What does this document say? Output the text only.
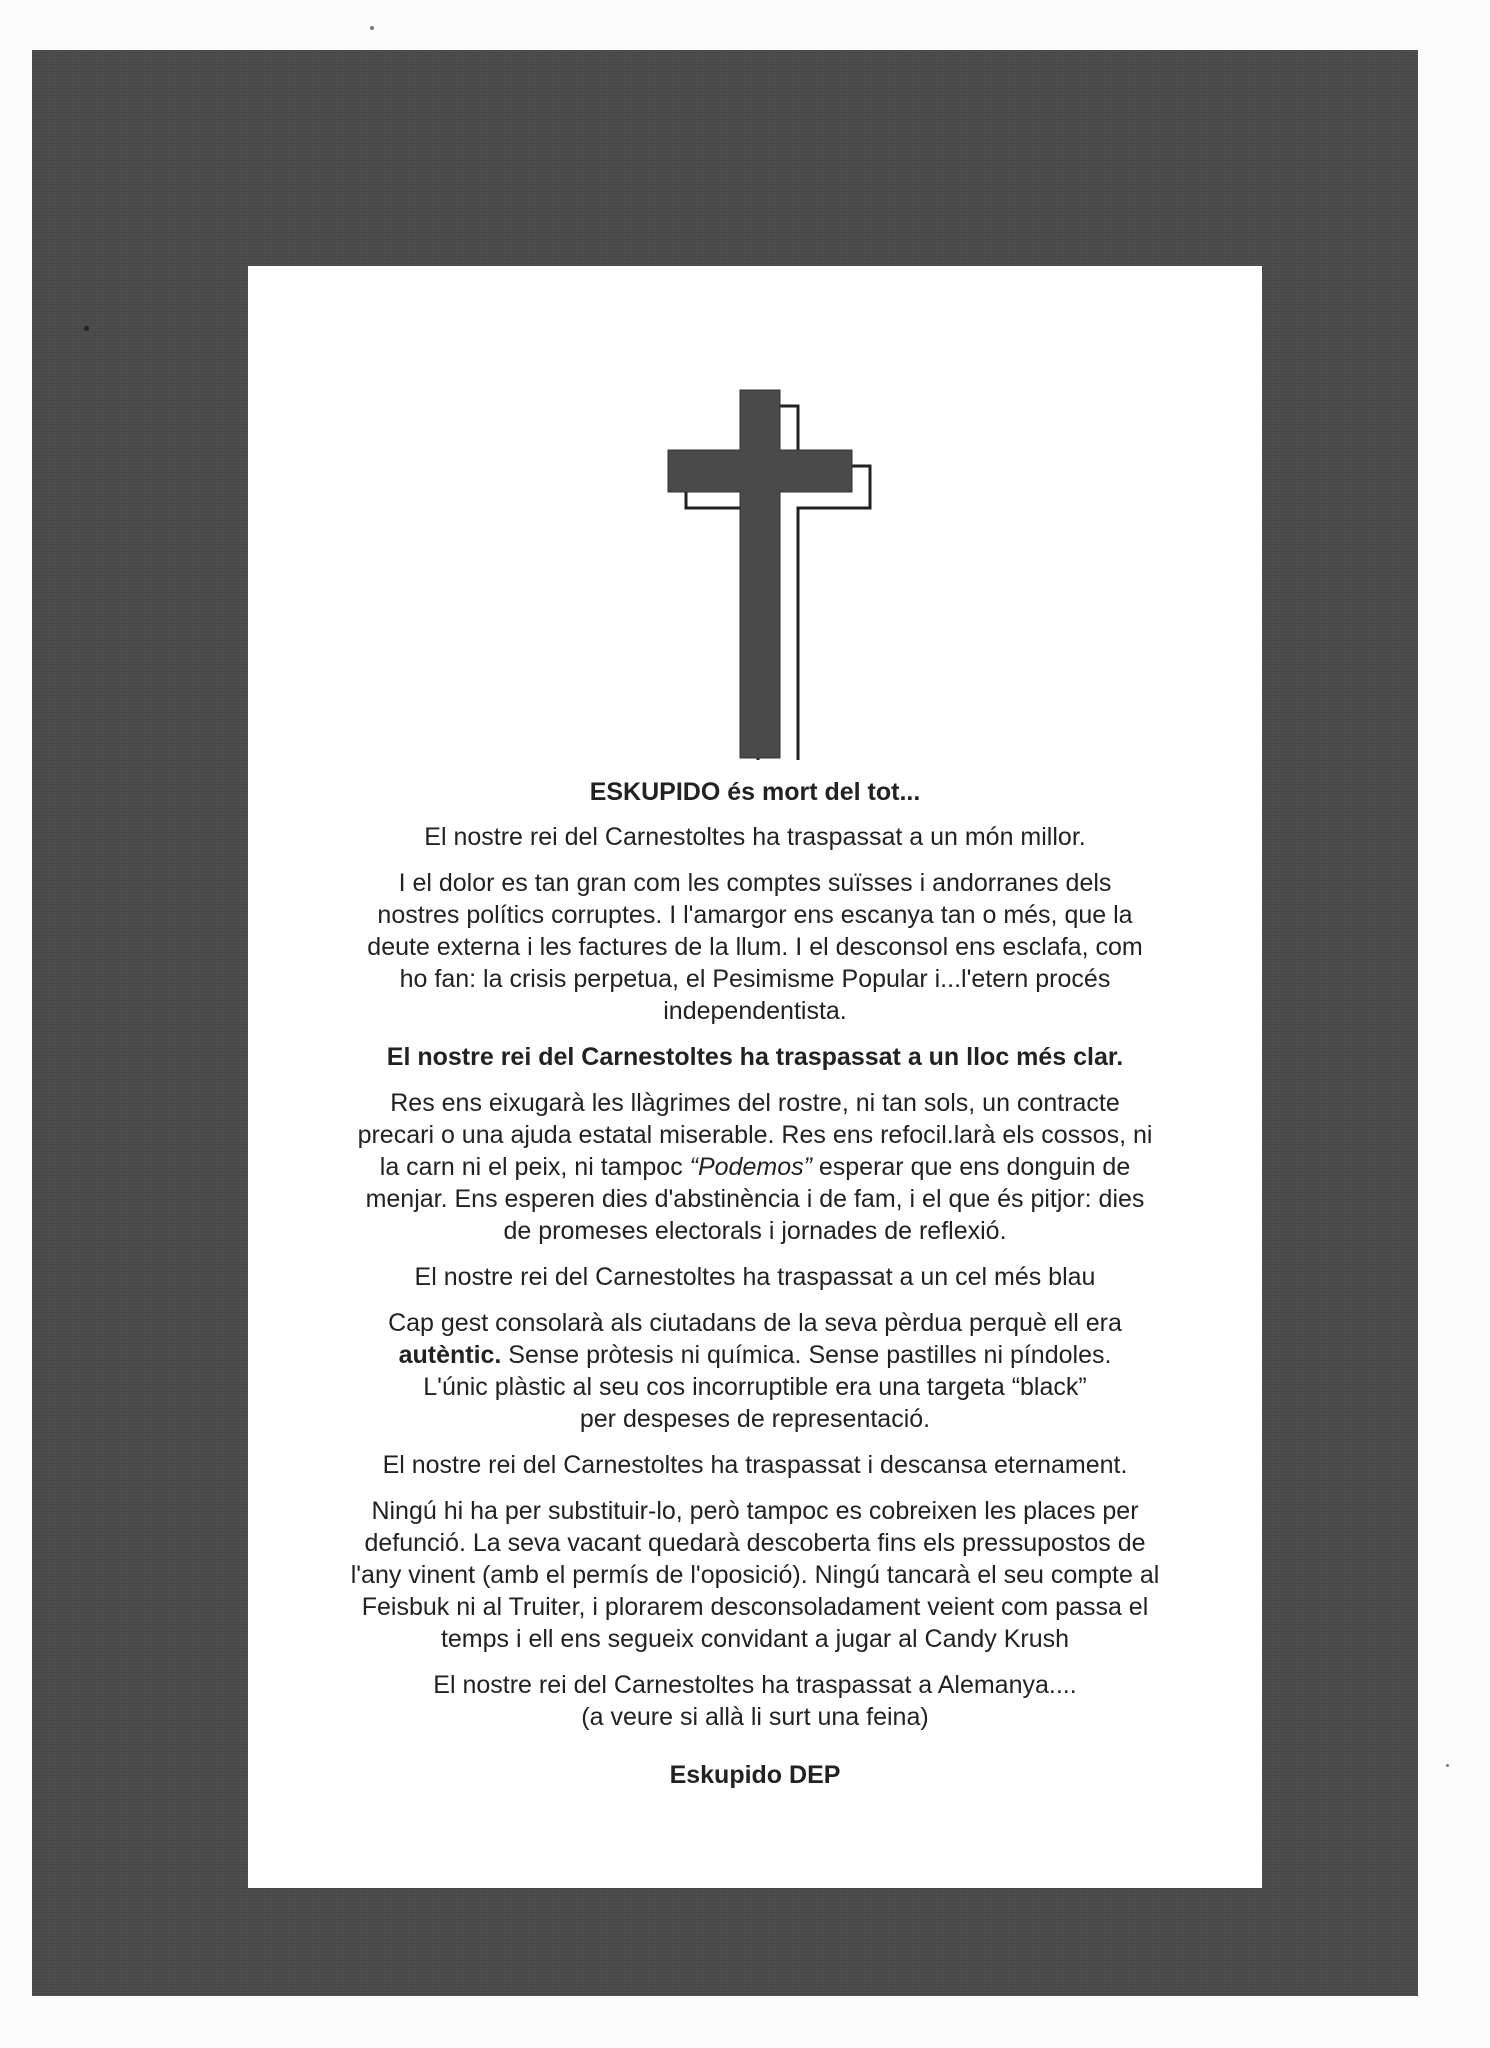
ESKUPIDO és mort del tot...

El nostre rei del Carnestoltes ha traspassat a un món millor.

I el dolor es tan gran com les comptes suïsses i andorranes dels
nostres polítics corruptes. I l'amargor ens escanya tan o més, que la
deute externa i les factures de la llum. I el desconsol ens esclafa, com
ho fan: la crisis perpetua, el Pesimisme Popular i...l'etern procés
independentista.

El nostre rei del Carnestoltes ha traspassat a un lloc més clar.

Res ens eixugarà les llàgrimes del rostre, ni tan sols, un contracte
precari o una ajuda estatal miserable. Res ens refocil.larà els cossos, ni
la carn ni el peix, ni tampoc “Podemos” esperar que ens donguin de
menjar. Ens esperen dies d'abstinència i de fam, i el que és pitjor: dies
de promeses electorals i jornades de reflexió.

El nostre rei del Carnestoltes ha traspassat a un cel més blau

Cap gest consolarà als ciutadans de la seva pèrdua perquè ell era
autèntic. Sense pròtesis ni química. Sense pastilles ni píndoles.
L'únic plàstic al seu cos incorruptible era una targeta “black”
per despeses de representació.

El nostre rei del Carnestoltes ha traspassat i descansa eternament.

Ningú hi ha per substituir-lo, però tampoc es cobreixen les places per
defunció. La seva vacant quedarà descoberta fins els pressupostos de
l'any vinent (amb el permís de l'oposició). Ningú tancarà el seu compte al
Feisbuk ni al Truiter, i plorarem desconsoladament veient com passa el
temps i ell ens segueix convidant a jugar al Candy Krush

El nostre rei del Carnestoltes ha traspassat a Alemanya....
(a veure si allà li surt una feina)

Eskupido DEP
